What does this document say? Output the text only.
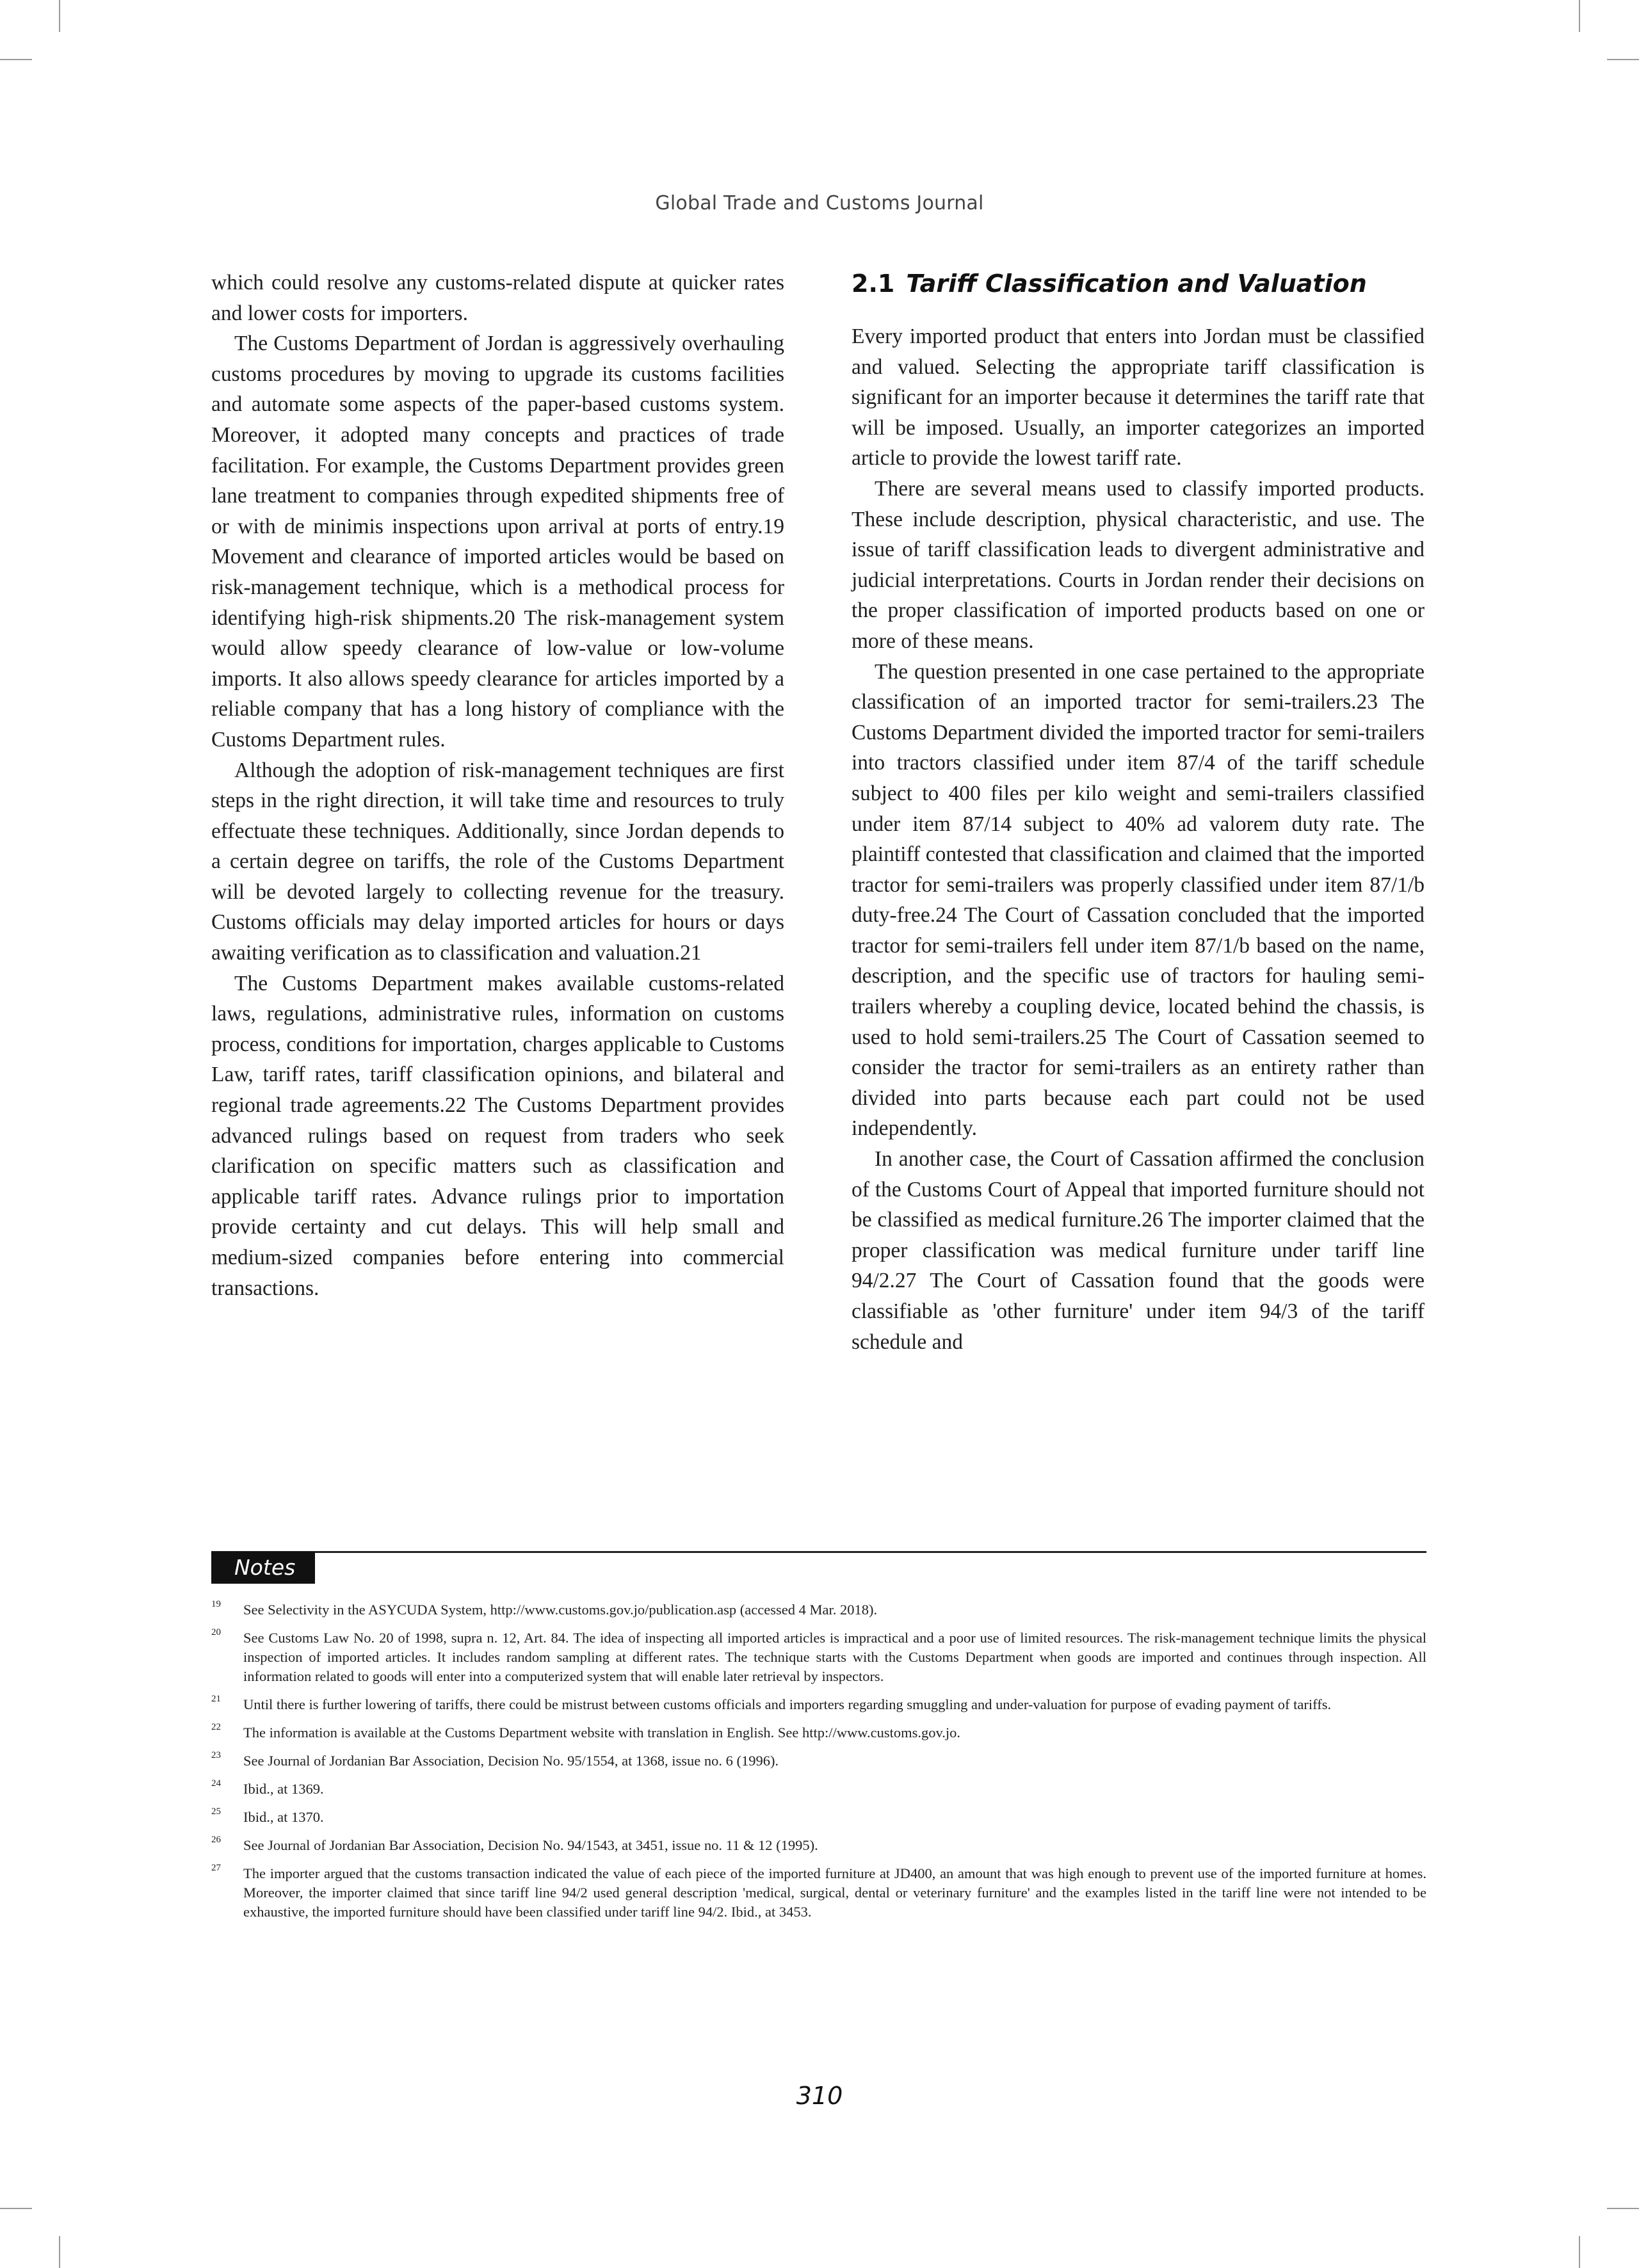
Global Trade and Customs Journal

which could resolve any customs-related dispute at quicker rates and lower costs for importers.

The Customs Department of Jordan is aggressively overhauling customs procedures by moving to upgrade its customs facilities and automate some aspects of the paper-based customs system. Moreover, it adopted many concepts and practices of trade facilitation. For example, the Customs Department provides green lane treatment to companies through expedited shipments free of or with de minimis inspections upon arrival at ports of entry.19 Movement and clearance of imported articles would be based on risk-management technique, which is a methodical process for identifying high-risk shipments.20 The risk-management system would allow speedy clearance of low-value or low-volume imports. It also allows speedy clearance for articles imported by a reliable company that has a long history of compliance with the Customs Department rules.

Although the adoption of risk-management techniques are first steps in the right direction, it will take time and resources to truly effectuate these techniques. Additionally, since Jordan depends to a certain degree on tariffs, the role of the Customs Department will be devoted largely to collecting revenue for the treasury. Customs officials may delay imported articles for hours or days awaiting verification as to classification and valuation.21

The Customs Department makes available customs-related laws, regulations, administrative rules, information on customs process, conditions for importation, charges applicable to Customs Law, tariff rates, tariff classification opinions, and bilateral and regional trade agreements.22 The Customs Department provides advanced rulings based on request from traders who seek clarification on specific matters such as classification and applicable tariff rates. Advance rulings prior to importation provide certainty and cut delays. This will help small and medium-sized companies before entering into commercial transactions.

2.1 Tariff Classification and Valuation

Every imported product that enters into Jordan must be classified and valued. Selecting the appropriate tariff classification is significant for an importer because it determines the tariff rate that will be imposed. Usually, an importer categorizes an imported article to provide the lowest tariff rate.

There are several means used to classify imported products. These include description, physical characteristic, and use. The issue of tariff classification leads to divergent administrative and judicial interpretations. Courts in Jordan render their decisions on the proper classification of imported products based on one or more of these means.

The question presented in one case pertained to the appropriate classification of an imported tractor for semi-trailers.23 The Customs Department divided the imported tractor for semi-trailers into tractors classified under item 87/4 of the tariff schedule subject to 400 files per kilo weight and semi-trailers classified under item 87/14 subject to 40% ad valorem duty rate. The plaintiff contested that classification and claimed that the imported tractor for semi-trailers was properly classified under item 87/1/b duty-free.24 The Court of Cassation concluded that the imported tractor for semi-trailers fell under item 87/1/b based on the name, description, and the specific use of tractors for hauling semi-trailers whereby a coupling device, located behind the chassis, is used to hold semi-trailers.25 The Court of Cassation seemed to consider the tractor for semi-trailers as an entirety rather than divided into parts because each part could not be used independently.

In another case, the Court of Cassation affirmed the conclusion of the Customs Court of Appeal that imported furniture should not be classified as medical furniture.26 The importer claimed that the proper classification was medical furniture under tariff line 94/2.27 The Court of Cassation found that the goods were classifiable as 'other furniture' under item 94/3 of the tariff schedule and

Notes
19 See Selectivity in the ASYCUDA System, http://www.customs.gov.jo/publication.asp (accessed 4 Mar. 2018).
20 See Customs Law No. 20 of 1998, supra n. 12, Art. 84. The idea of inspecting all imported articles is impractical and a poor use of limited resources. The risk-management technique limits the physical inspection of imported articles. It includes random sampling at different rates. The technique starts with the Customs Department when goods are imported and continues through inspection. All information related to goods will enter into a computerized system that will enable later retrieval by inspectors.
21 Until there is further lowering of tariffs, there could be mistrust between customs officials and importers regarding smuggling and under-valuation for purpose of evading payment of tariffs.
22 The information is available at the Customs Department website with translation in English. See http://www.customs.gov.jo.
23 See Journal of Jordanian Bar Association, Decision No. 95/1554, at 1368, issue no. 6 (1996).
24 Ibid., at 1369.
25 Ibid., at 1370.
26 See Journal of Jordanian Bar Association, Decision No. 94/1543, at 3451, issue no. 11 & 12 (1995).
27 The importer argued that the customs transaction indicated the value of each piece of the imported furniture at JD400, an amount that was high enough to prevent use of the imported furniture at homes. Moreover, the importer claimed that since tariff line 94/2 used general description 'medical, surgical, dental or veterinary furniture' and the examples listed in the tariff line were not intended to be exhaustive, the imported furniture should have been classified under tariff line 94/2. Ibid., at 3453.
310
